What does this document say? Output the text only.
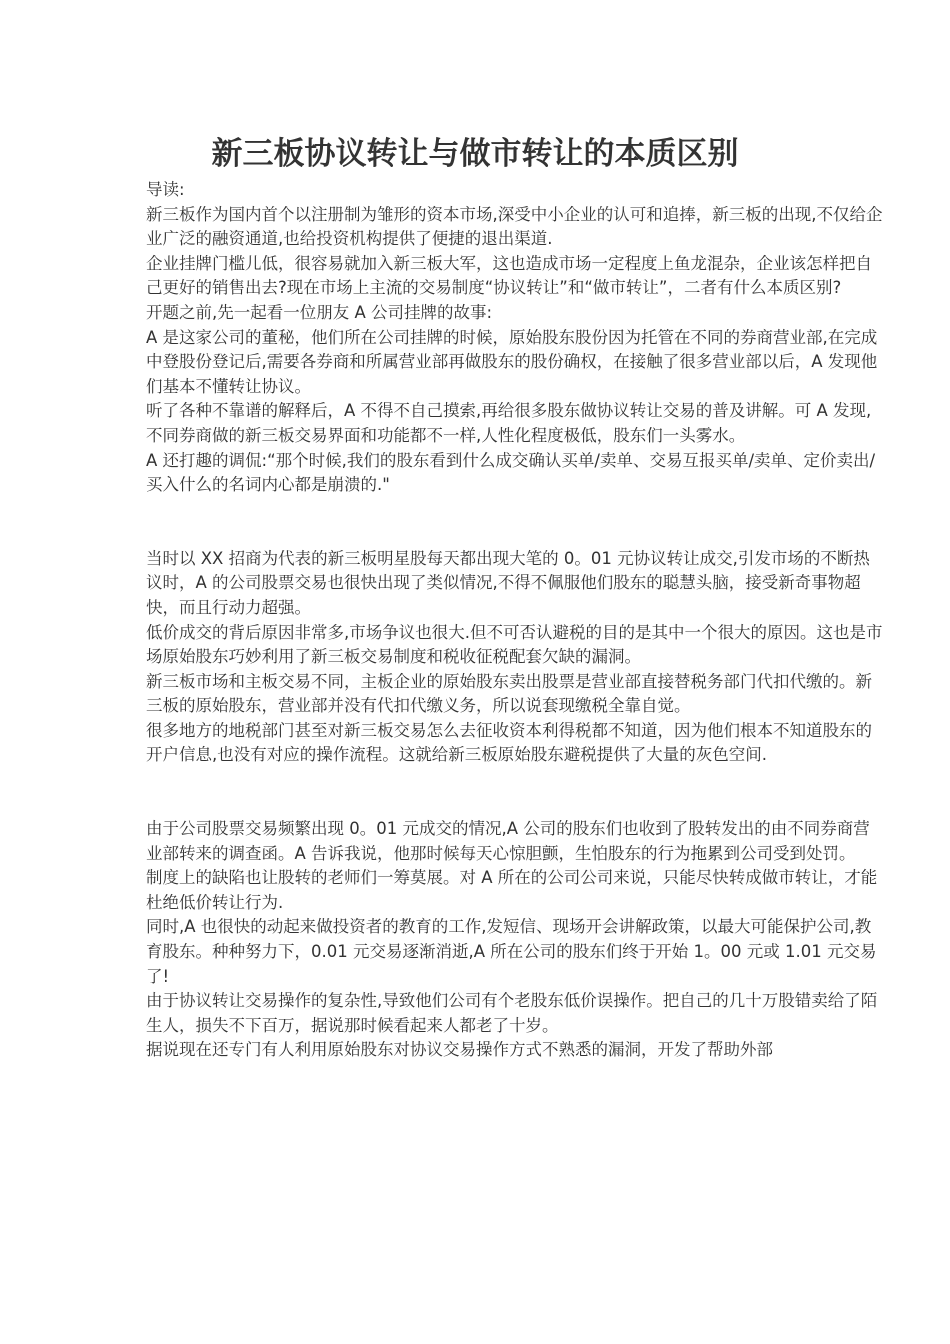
新三板协议转让与做市转让的本质区别

导读:

新三板作为国内首个以注册制为雏形的资本市场,深受中小企业的认可和追捧，新三板的出现,不仅给企业广泛的融资通道,也给投资机构提供了便捷的退出渠道.

企业挂牌门槛儿低，很容易就加入新三板大军，这也造成市场一定程度上鱼龙混杂，企业该怎样把自己更好的销售出去?现在市场上主流的交易制度“协议转让”和“做市转让”，二者有什么本质区别?

开题之前,先一起看一位朋友 A 公司挂牌的故事:

A 是这家公司的董秘，他们所在公司挂牌的时候，原始股东股份因为托管在不同的券商营业部,在完成中登股份登记后,需要各券商和所属营业部再做股东的股份确权，在接触了很多营业部以后，A 发现他们基本不懂转让协议。

听了各种不靠谱的解释后，A 不得不自己摸索,再给很多股东做协议转让交易的普及讲解。可 A 发现,不同券商做的新三板交易界面和功能都不一样,人性化程度极低，股东们一头雾水。

A 还打趣的调侃:“那个时候,我们的股东看到什么成交确认买单/卖单、交易互报买单/卖单、定价卖出/买入什么的名词内心都是崩溃的."

当时以 XX 招商为代表的新三板明星股每天都出现大笔的 0。01 元协议转让成交,引发市场的不断热议时，A 的公司股票交易也很快出现了类似情况,不得不佩服他们股东的聪慧头脑，接受新奇事物超快，而且行动力超强。

低价成交的背后原因非常多,市场争议也很大.但不可否认避税的目的是其中一个很大的原因。这也是市场原始股东巧妙利用了新三板交易制度和税收征税配套欠缺的漏洞。

新三板市场和主板交易不同，主板企业的原始股东卖出股票是营业部直接替税务部门代扣代缴的。新三板的原始股东，营业部并没有代扣代缴义务，所以说套现缴税全靠自觉。

很多地方的地税部门甚至对新三板交易怎么去征收资本利得税都不知道，因为他们根本不知道股东的开户信息,也没有对应的操作流程。这就给新三板原始股东避税提供了大量的灰色空间.

由于公司股票交易频繁出现 0。01 元成交的情况,A 公司的股东们也收到了股转发出的由不同券商营业部转来的调查函。A 告诉我说，他那时候每天心惊胆颤，生怕股东的行为拖累到公司受到处罚。

制度上的缺陷也让股转的老师们一筹莫展。对 A 所在的公司公司来说，只能尽快转成做市转让，才能杜绝低价转让行为.

同时,A 也很快的动起来做投资者的教育的工作,发短信、现场开会讲解政策，以最大可能保护公司,教育股东。种种努力下，0.01 元交易逐渐消逝,A 所在公司的股东们终于开始 1。00 元或 1.01 元交易了!

由于协议转让交易操作的复杂性,导致他们公司有个老股东低价误操作。把自己的几十万股错卖给了陌生人，损失不下百万，据说那时候看起来人都老了十岁。

据说现在还专门有人利用原始股东对协议交易操作方式不熟悉的漏洞，开发了帮助外部
